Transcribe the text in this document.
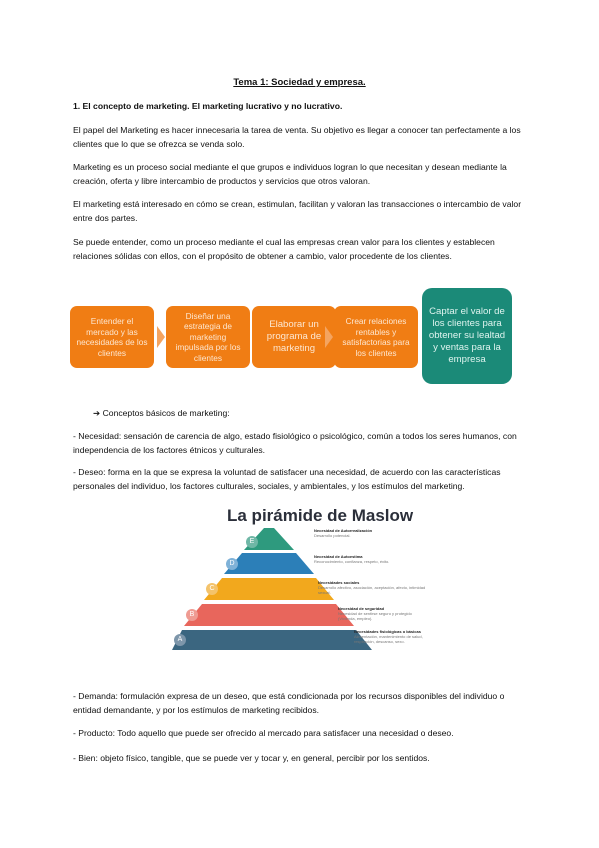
Tema 1: Sociedad y empresa.

1. El concepto de marketing. El marketing lucrativo y no lucrativo.

El papel del Marketing es hacer innecesaria la tarea de venta. Su objetivo es llegar a conocer tan perfectamente a los clientes que lo que se ofrezca se venda solo.

Marketing es un proceso social mediante el que grupos e individuos logran lo que necesitan y desean mediante la creación, oferta y libre intercambio de productos y servicios que otros valoran.

El marketing está interesado en cómo se crean, estimulan, facilitan y valoran las transacciones o intercambio de valor entre dos partes.

Se puede entender, como un proceso mediante el cual las empresas crean valor para los clientes y establecen relaciones sólidas con ellos, con el propósito de obtener a cambio, valor procedente de los clientes.

Entender el mercado y las necesidades de los clientes
Diseñar una estrategia de marketing impulsada por los clientes
Elaborar un programa de marketing
Crear relaciones rentables y satisfactorias para los clientes
Captar el valor de los clientes para obtener su lealtad y ventas para la empresa
➔ Conceptos básicos de marketing:

- Necesidad: sensación de carencia de algo, estado fisiológico o psicológico, común a todos los seres humanos, con independencia de los factores étnicos y culturales.

- Deseo: forma en la que se expresa la voluntad de satisfacer una necesidad, de acuerdo con las características personales del individuo, los factores culturales, sociales, y ambientales, y los estímulos del marketing.

La pirámide de Maslow
E
D
C
B
A
Necesidad de Autorrealización
Desarrollo potencial.
Necesidad de Autoestima
Reconocimiento, confianza, respeto, éxito.
Necesidades sociales
Desarrollo afectivo, asociación, aceptación, afecto, intimidad sexual.
Necesidad de seguridad
Necesidad de sentirse seguro y protegido (Vivienda, empleo).
Necesidades fisiológicas o básicas
Alimentación, mantenimiento de salud, respiración, descanso, sexo.

- Demanda: formulación expresa de un deseo, que está condicionada por los recursos disponibles del individuo o entidad demandante, y por los estímulos de marketing recibidos.

- Producto: Todo aquello que puede ser ofrecido al mercado para satisfacer una necesidad o deseo.

- Bien: objeto físico, tangible, que se puede ver y tocar y, en general, percibir por los sentidos.
